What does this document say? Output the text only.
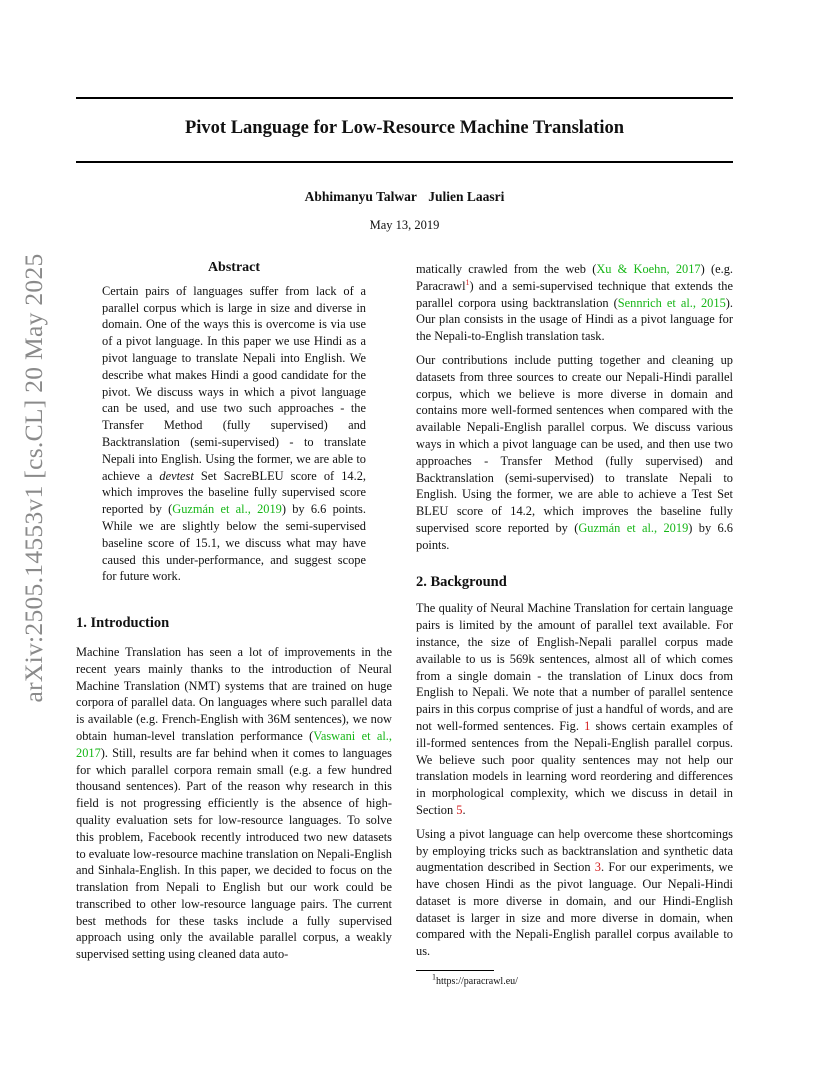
Pivot Language for Low-Resource Machine Translation
Abhimanyu Talwar Julien Laasri
May 13, 2019
arXiv:2505.14553v1 [cs.CL] 20 May 2025	Abstract

Certain pairs of languages suffer from lack of a parallel corpus which is large in size and diverse in domain. One of the ways this is overcome is via use of a pivot language. In this paper we use Hindi as a pivot language to translate Nepali into English. We describe what makes Hindi a good candidate for the pivot. We discuss ways in which a pivot language can be used, and use two such approaches - the Transfer Method (fully supervised) and Backtranslation (semi-supervised) - to translate Nepali into English. Using the former, we are able to achieve a devtest Set SacreBLEU score of 14.2, which improves the baseline fully supervised score reported by (Guzmán et al., 2019) by 6.6 points. While we are slightly below the semi-supervised baseline score of 15.1, we discuss what may have caused this under-performance, and suggest scope for future work.

1. Introduction

Machine Translation has seen a lot of improvements in the recent years mainly thanks to the introduction of Neural Machine Translation (NMT) systems that are trained on huge corpora of parallel data. On languages where such parallel data is available (e.g. French-English with 36M sentences), we now obtain human-level translation performance (Vaswani et al., 2017). Still, results are far behind when it comes to languages for which parallel corpora remain small (e.g. a few hundred thousand sentences). Part of the reason why research in this field is not progressing efficiently is the absence of high-quality evaluation sets for low-resource languages. To solve this problem, Facebook recently introduced two new datasets to evaluate low-resource machine translation on Nepali-English and Sinhala-English. In this paper, we decided to focus on the translation from Nepali to English but our work could be transcribed to other low-resource language pairs. The current best methods for these tasks include a fully supervised approach using only the available parallel corpus, a weakly supervised setting using cleaned data auto-

matically crawled from the web (Xu & Koehn, 2017) (e.g. Paracrawl$^1$) and a semi-supervised technique that extends the parallel corpora using backtranslation (Sennrich et al., 2015). Our plan consists in the usage of Hindi as a pivot language for the Nepali-to-English translation task.

Our contributions include putting together and cleaning up datasets from three sources to create our Nepali-Hindi parallel corpus, which we believe is more diverse in domain and contains more well-formed sentences when compared with the available Nepali-English parallel corpus. We discuss various ways in which a pivot language can be used, and then use two approaches - Transfer Method (fully supervised) and Backtranslation (semi-supervised) to translate Nepali to English. Using the former, we are able to achieve a Test Set BLEU score of 14.2, which improves the baseline fully supervised score reported by (Guzmán et al., 2019) by 6.6 points.

2. Background

The quality of Neural Machine Translation for certain language pairs is limited by the amount of parallel text available. For instance, the size of English-Nepali parallel corpus made available to us is 569k sentences, almost all of which comes from a single domain - the translation of Linux docs from English to Nepali. We note that a number of parallel sentence pairs in this corpus comprise of just a handful of words, and are not well-formed sentences. Fig. 1 shows certain examples of ill-formed sentences from the Nepali-English parallel corpus. We believe such poor quality sentences may not help our translation models in learning word reordering and differences in morphological complexity, which we discuss in detail in Section 5.

Using a pivot language can help overcome these shortcomings by employing tricks such as backtranslation and synthetic data augmentation described in Section 3. For our experiments, we have chosen Hindi as the pivot language. Our Nepali-Hindi dataset is more diverse in domain, and our Hindi-English dataset is larger in size and more diverse in domain, when compared with the Nepali-English parallel corpus available to us.

$^1$https://paracrawl.eu/
